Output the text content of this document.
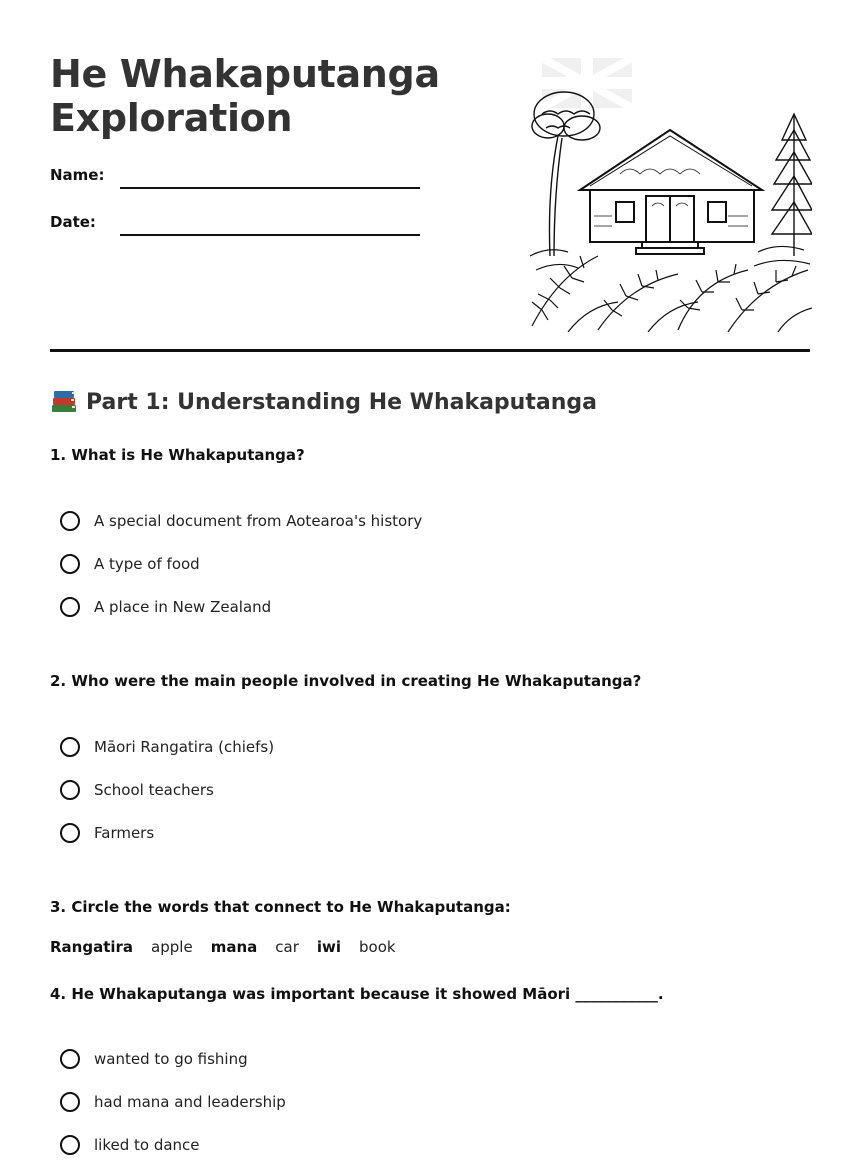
He Whakaputanga Exploration
Name:
Date:
Part 1: Understanding He Whakaputanga
1. What is He Whakaputanga?
A special document from Aotearoa's history
A type of food
A place in New Zealand
2. Who were the main people involved in creating He Whakaputanga?
Māori Rangatira (chiefs)
School teachers
Farmers
3. Circle the words that connect to He Whakaputanga:
Rangatira apple mana car iwi book
4. He Whakaputanga was important because it showed Māori ___________.
wanted to go fishing
had mana and leadership
liked to dance
